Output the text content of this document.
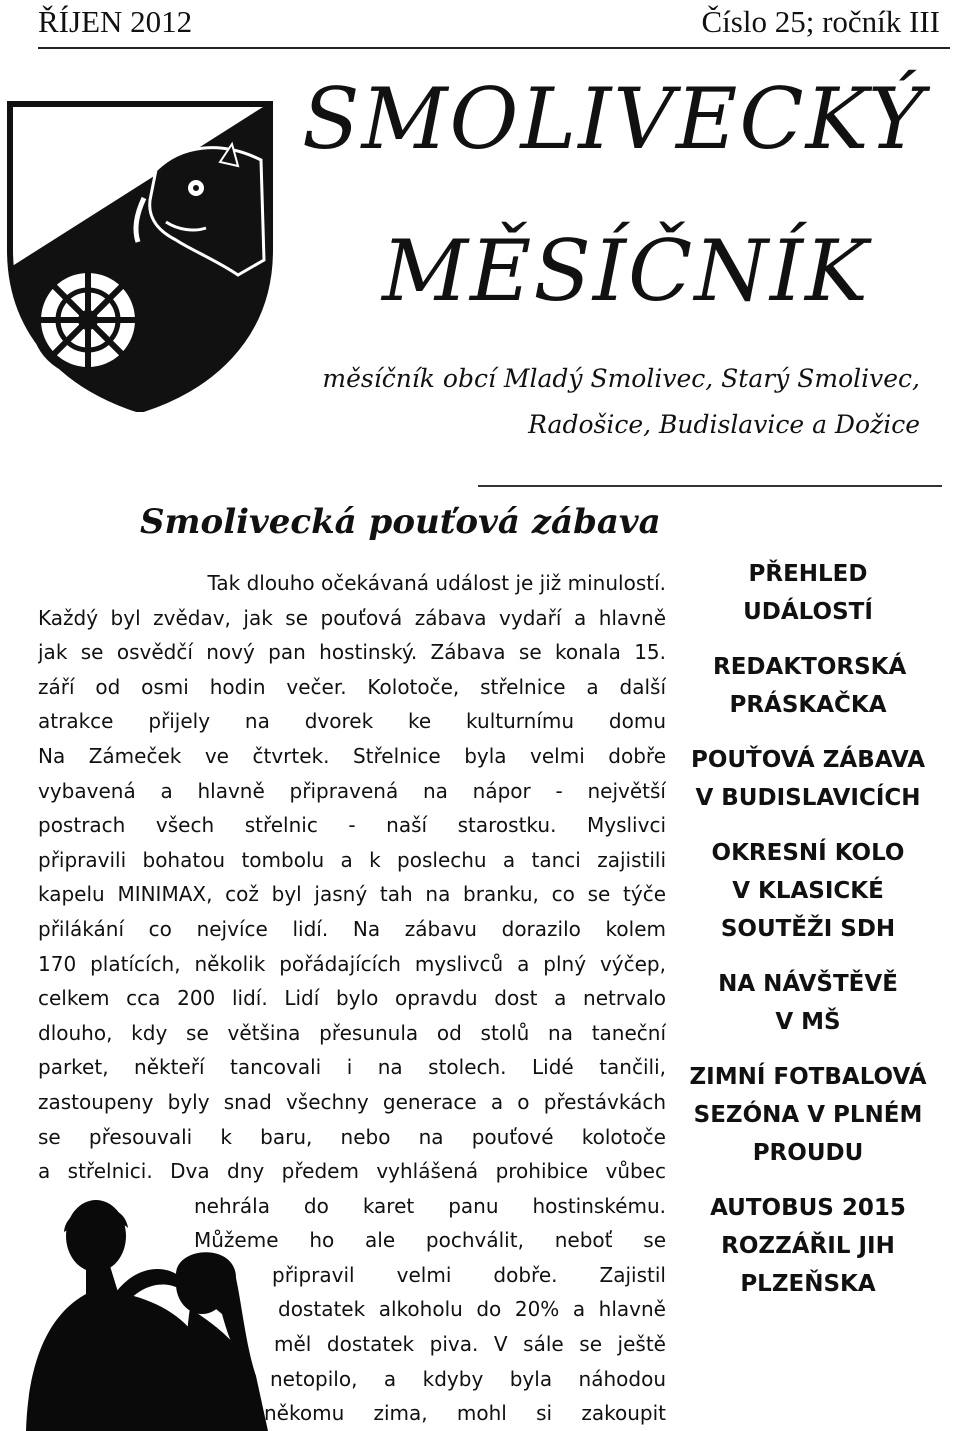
ŘÍJEN 2012	Číslo 25; ročník III
SMOLIVECKÝ
MĚSÍČNÍK
měsíčník obcí Mladý Smolivec, Starý Smolivec,
Radošice, Budislavice a Dožice
Smolivecká pouťová zábava
Tak dlouho očekávaná událost je již minulostí.
Každý byl zvědav, jak se pouťová zábava vydaří a hlavně
jak se osvědčí nový pan hostinský. Zábava se konala 15.
září od osmi hodin večer. Kolotoče, střelnice a další
atrakce přijely na dvorek ke kulturnímu domu
Na Zámeček ve čtvrtek. Střelnice byla velmi dobře
vybavená a hlavně připravená na nápor - největší
postrach všech střelnic - naší starostku. Myslivci
připravili bohatou tombolu a k poslechu a tanci zajistili
kapelu MINIMAX, což byl jasný tah na branku, co se týče
přilákání co nejvíce lidí. Na zábavu dorazilo kolem
170 platících, několik pořádajících myslivců a plný výčep,
celkem cca 200 lidí. Lidí bylo opravdu dost a netrvalo
dlouho, kdy se většina přesunula od stolů na taneční
parket, někteří tancovali i na stolech. Lidé tančili,
zastoupeny byly snad všechny generace a o přestávkách
se přesouvali k baru, nebo na pouťové kolotoče
a střelnici. Dva dny předem vyhlášená prohibice vůbec
nehrála do karet panu hostinskému.
Můžeme ho ale pochválit, neboť se
připravil velmi dobře. Zajistil
dostatek alkoholu do 20% a hlavně
měl dostatek piva. V sále se ještě
netopilo, a kdyby byla náhodou
někomu zima, mohl si zakoupit
PŘEHLED UDÁLOSTÍ
REDAKTORSKÁ PRÁSKAČKA
POUŤOVÁ ZÁBAVA V BUDISLAVICÍCH
OKRESNÍ KOLO V KLASICKÉ SOUTĚŽI SDH
NA NÁVŠTĚVĚ V MŠ
ZIMNÍ FOTBALOVÁ SEZÓNA V PLNÉM PROUDU
AUTOBUS 2015 ROZZÁŘIL JIH PLZEŇSKA
